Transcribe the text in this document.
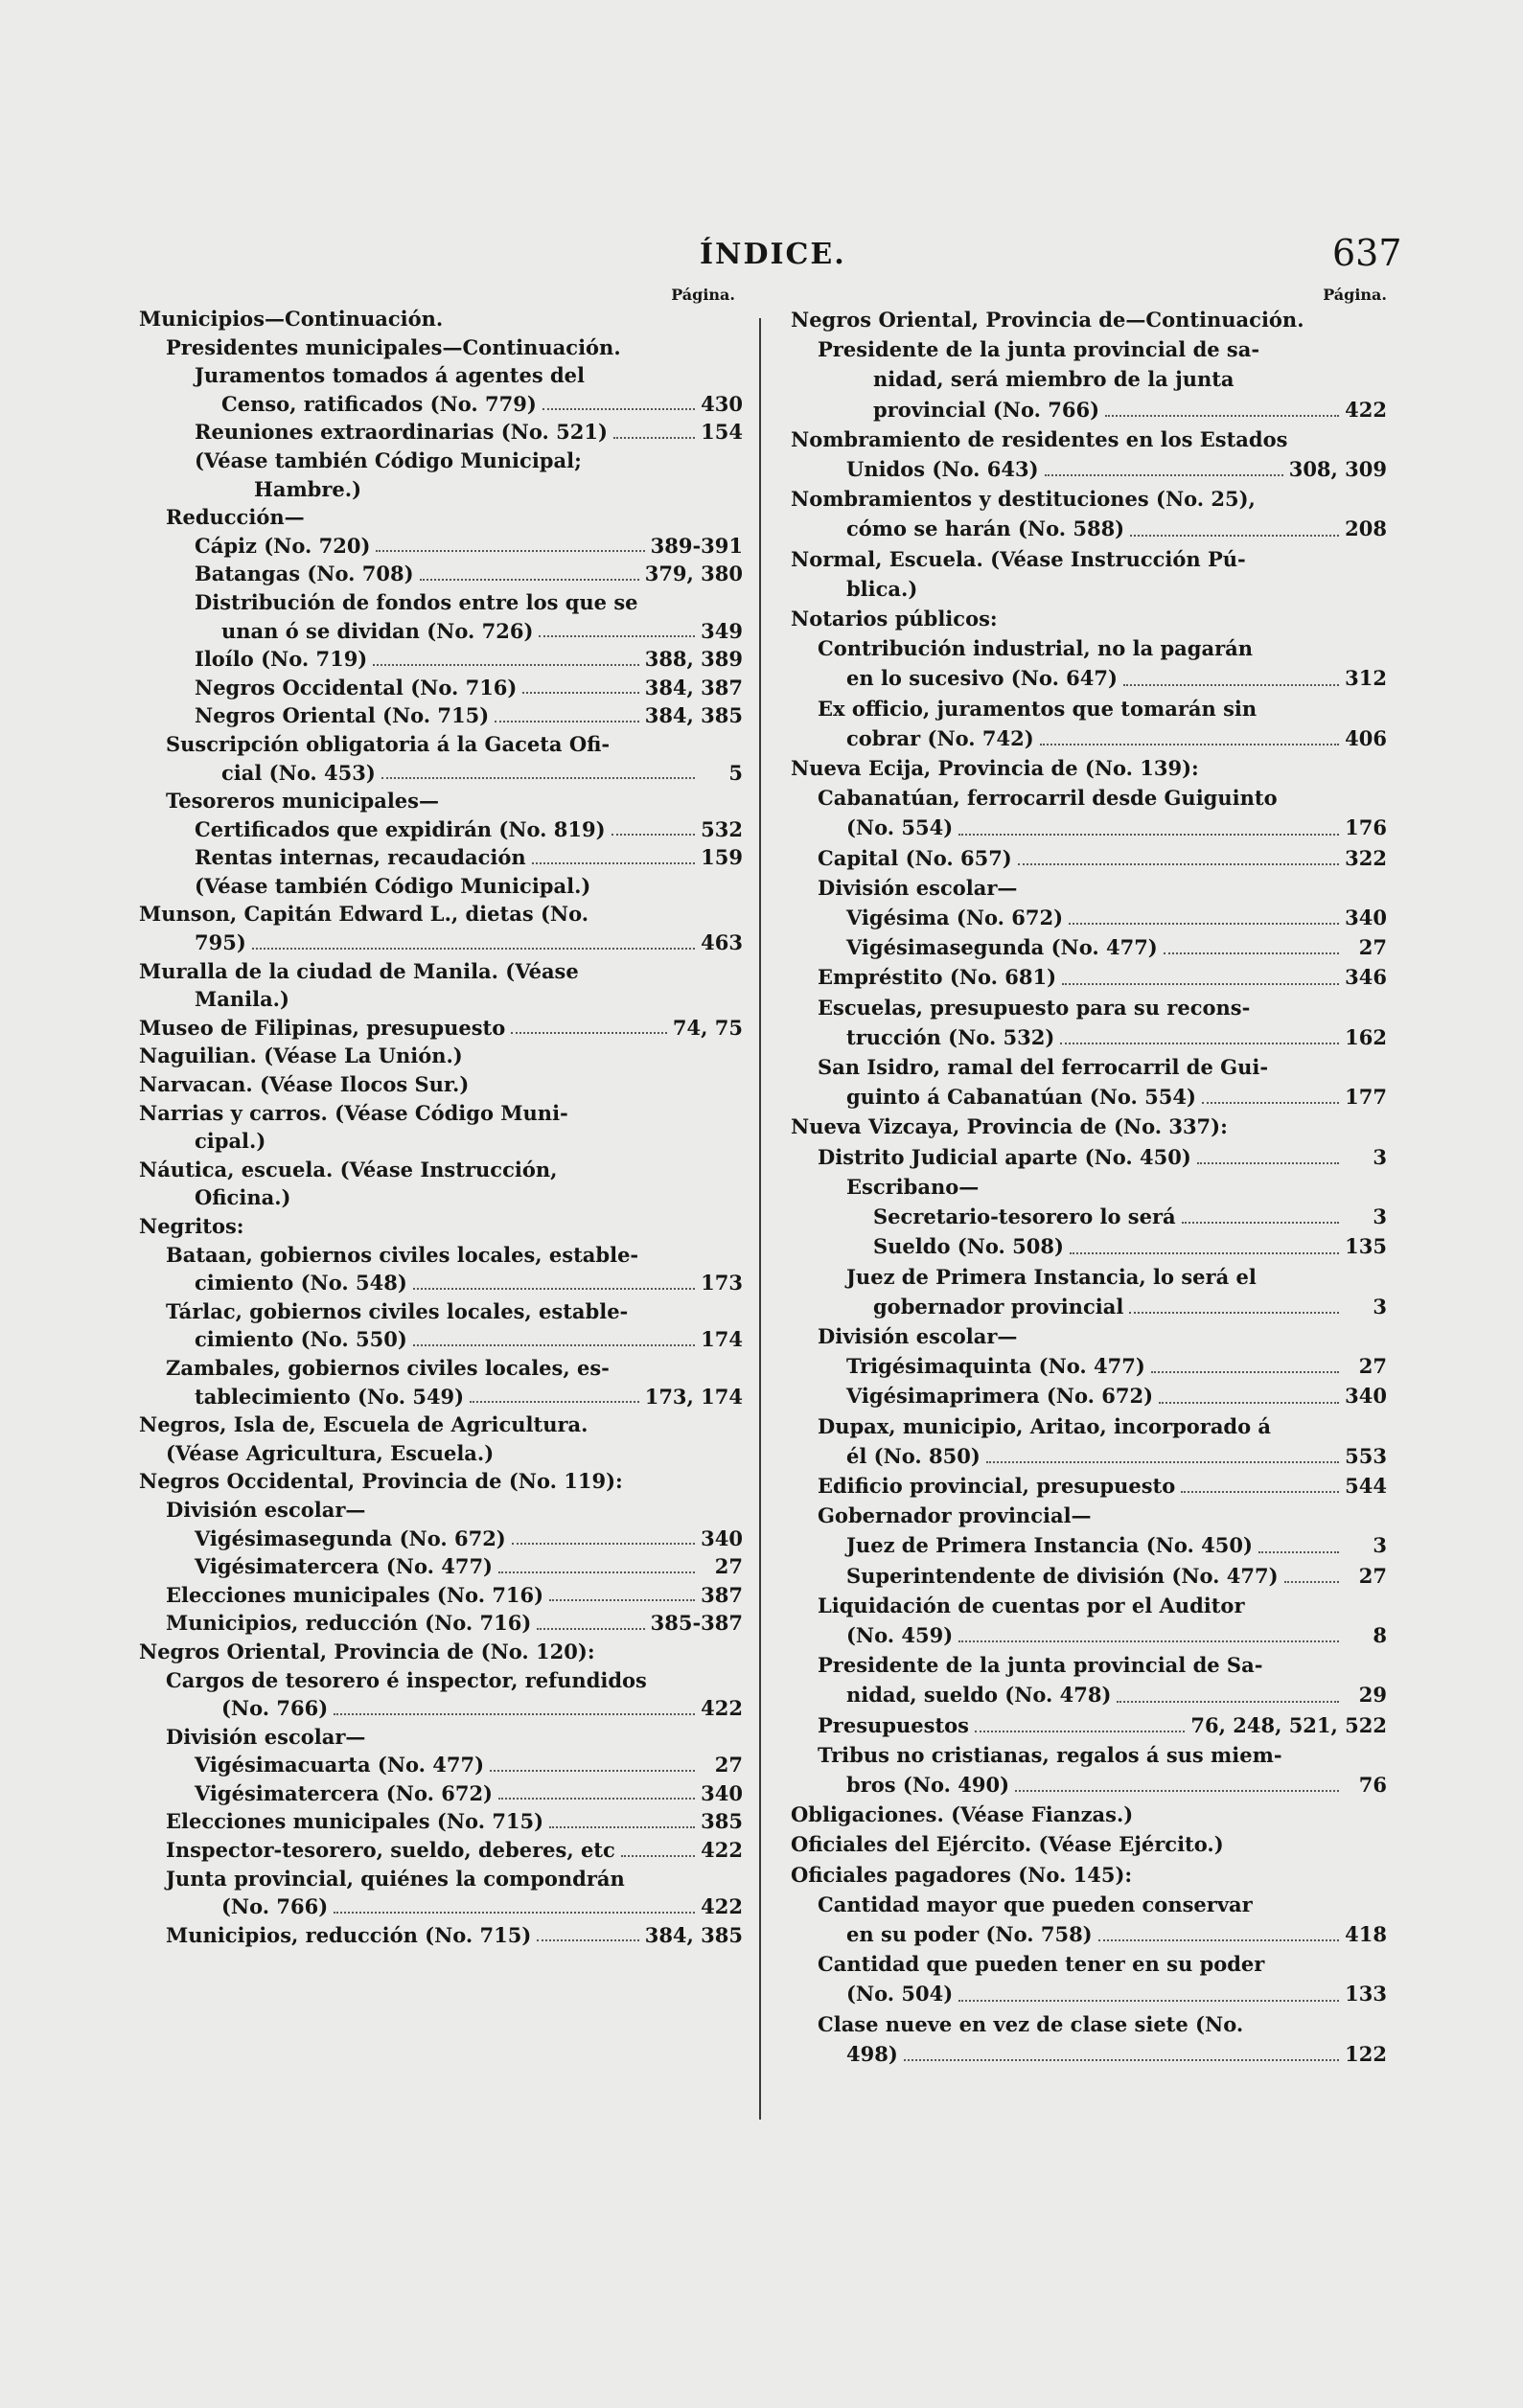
ÍNDICE.	637
Página.
Municipios—Continuación.
Presidentes municipales—Continuación.
Juramentos tomados á agentes del
Censo, ratificados (No. 779)	430
Reuniones extraordinarias (No. 521)	154
(Véase también Código Municipal;
Hambre.)
Reducción—
Cápiz (No. 720)	389-391
Batangas (No. 708)	379, 380
Distribución de fondos entre los que se
unan ó se dividan (No. 726)	349
Iloílo (No. 719)	388, 389
Negros Occidental (No. 716)	384, 387
Negros Oriental (No. 715)	384, 385
Suscripción obligatoria á la Gaceta Ofi-
cial (No. 453)	5
Tesoreros municipales—
Certificados que expidirán (No. 819)	532
Rentas internas, recaudación	159
(Véase también Código Municipal.)
Munson, Capitán Edward L., dietas (No.
795)	463
Muralla de la ciudad de Manila. (Véase
Manila.)
Museo de Filipinas, presupuesto	74, 75
Naguilian. (Véase La Unión.)
Narvacan. (Véase Ilocos Sur.)
Narrias y carros. (Véase Código Muni-
cipal.)
Náutica, escuela. (Véase Instrucción,
Oficina.)
Negritos:
Bataan, gobiernos civiles locales, estable-
cimiento (No. 548)	173
Tárlac, gobiernos civiles locales, estable-
cimiento (No. 550)	174
Zambales, gobiernos civiles locales, es-
tablecimiento (No. 549)	173, 174
Negros, Isla de, Escuela de Agricultura.
(Véase Agricultura, Escuela.)
Negros Occidental, Provincia de (No. 119):
División escolar—
Vigésimasegunda (No. 672)	340
Vigésimatercera (No. 477)	27
Elecciones municipales (No. 716)	387
Municipios, reducción (No. 716)	385-387
Negros Oriental, Provincia de (No. 120):
Cargos de tesorero é inspector, refundidos
(No. 766)	422
División escolar—
Vigésimacuarta (No. 477)	27
Vigésimatercera (No. 672)	340
Elecciones municipales (No. 715)	385
Inspector-tesorero, sueldo, deberes, etc	422
Junta provincial, quiénes la compondrán
(No. 766)	422
Municipios, reducción (No. 715)	384, 385
Página.
Negros Oriental, Provincia de—Continuación.
Presidente de la junta provincial de sa-
nidad, será miembro de la junta
provincial (No. 766)	422
Nombramiento de residentes en los Estados
Unidos (No. 643)	308, 309
Nombramientos y destituciones (No. 25),
cómo se harán (No. 588)	208
Normal, Escuela. (Véase Instrucción Pú-
blica.)
Notarios públicos:
Contribución industrial, no la pagarán
en lo sucesivo (No. 647)	312
Ex officio, juramentos que tomarán sin
cobrar (No. 742)	406
Nueva Ecija, Provincia de (No. 139):
Cabanatúan, ferrocarril desde Guiguinto
(No. 554)	176
Capital (No. 657)	322
División escolar—
Vigésima (No. 672)	340
Vigésimasegunda (No. 477)	27
Empréstito (No. 681)	346
Escuelas, presupuesto para su recons-
trucción (No. 532)	162
San Isidro, ramal del ferrocarril de Gui-
guinto á Cabanatúan (No. 554)	177
Nueva Vizcaya, Provincia de (No. 337):
Distrito Judicial aparte (No. 450)	3
Escribano—
Secretario-tesorero lo será	3
Sueldo (No. 508)	135
Juez de Primera Instancia, lo será el
gobernador provincial	3
División escolar—
Trigésimaquinta (No. 477)	27
Vigésimaprimera (No. 672)	340
Dupax, municipio, Aritao, incorporado á
él (No. 850)	553
Edificio provincial, presupuesto	544
Gobernador provincial—
Juez de Primera Instancia (No. 450)	3
Superintendente de división (No. 477)	27
Liquidación de cuentas por el Auditor
(No. 459)	8
Presidente de la junta provincial de Sa-
nidad, sueldo (No. 478)	29
Presupuestos	76, 248, 521, 522
Tribus no cristianas, regalos á sus miem-
bros (No. 490)	76
Obligaciones. (Véase Fianzas.)
Oficiales del Ejército. (Véase Ejército.)
Oficiales pagadores (No. 145):
Cantidad mayor que pueden conservar
en su poder (No. 758)	418
Cantidad que pueden tener en su poder
(No. 504)	133
Clase nueve en vez de clase siete (No.
498)	122
